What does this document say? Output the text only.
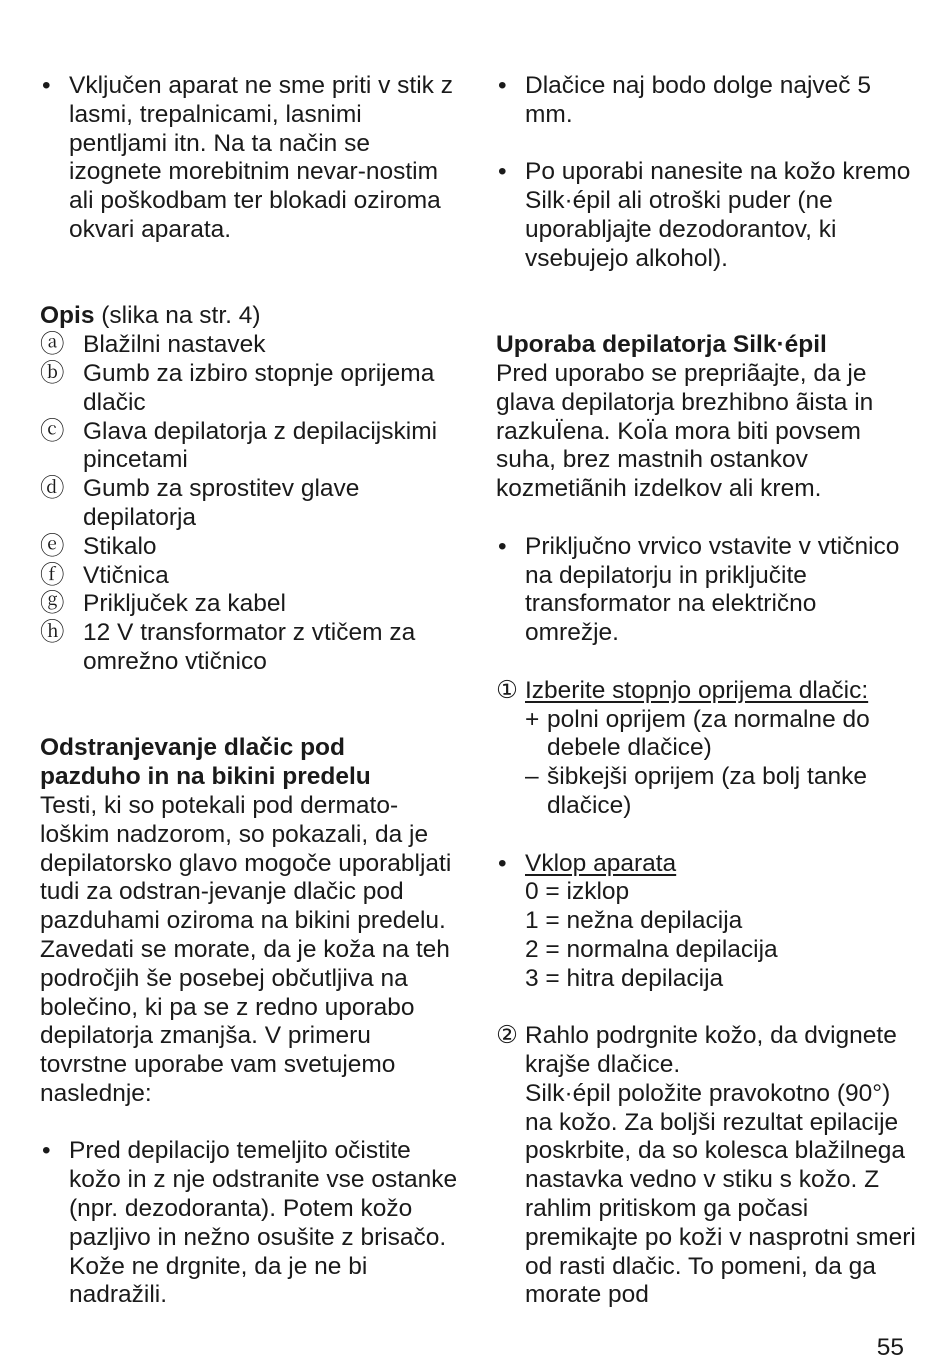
• Vključen aparat ne sme priti v stik z lasmi, trepalnicami, lasnimi pentljami itn. Na ta način se izognete morebitnim nevar-nostim ali poškodbam ter blokadi oziroma okvari aparata.
Opis (slika na str. 4)
ⓐ Blažilni nastavek
ⓑ Gumb za izbiro stopnje oprijema dlačic
ⓒ Glava depilatorja z depilacijskimi pincetami
ⓓ Gumb za sprostitev glave depilatorja
ⓔ Stikalo
ⓕ Vtičnica
ⓖ Priključek za kabel
ⓗ 12 V transformator z vtičem za omrežno vtičnico
Odstranjevanje dlačic pod
pazduho in na bikini predelu
Testi, ki so potekali pod dermato-loškim nadzorom, so pokazali, da je depilatorsko glavo mogoče uporabljati tudi za odstran-jevanje dlačic pod pazduhami oziroma na bikini predelu. Zavedati se morate, da je koža na teh področjih še posebej občutljiva na bolečino, ki pa se z redno uporabo depilatorja zmanjša. V primeru tovrstne uporabe vam svetujemo naslednje:
• Pred depilacijo temeljito očistite kožo in z nje odstranite vse ostanke (npr. dezodoranta). Potem kožo pazljivo in nežno osušite z brisačo. Kože ne drgnite, da je ne bi nadražili.
• Dlačice naj bodo dolge največ 5 mm.
• Po uporabi nanesite na kožo kremo Silk·épil ali otroški puder (ne uporabljajte dezodorantov, ki vsebujejo alkohol).
Uporaba depilatorja Silk·épil
Pred uporabo se prepriãajte, da je glava depilatorja brezhibno ãista in razkuÏena. KoÏa mora biti povsem suha, brez mastnih ostankov kozmetiãnih izdelkov ali krem.
• Priključno vrvico vstavite v vtičnico na depilatorju in priključite transformator na električno omrežje.
① Izberite stopnjo oprijema dlačic:
+ polni oprijem (za normalne do debele dlačice)
– šibkejši oprijem (za bolj tanke dlačice)
• Vklop aparata
0 = izklop
1 = nežna depilacija
2 = normalna depilacija
3 = hitra depilacija
② Rahlo podrgnite kožo, da dvignete krajše dlačice.
Silk·épil položite pravokotno (90°) na kožo. Za boljši rezultat epilacije poskrbite, da so kolesca blažilnega nastavka vedno v stiku s kožo. Z rahlim pritiskom ga počasi premikajte po koži v nasprotni smeri od rasti dlačic. To pomeni, da ga morate pod
55
